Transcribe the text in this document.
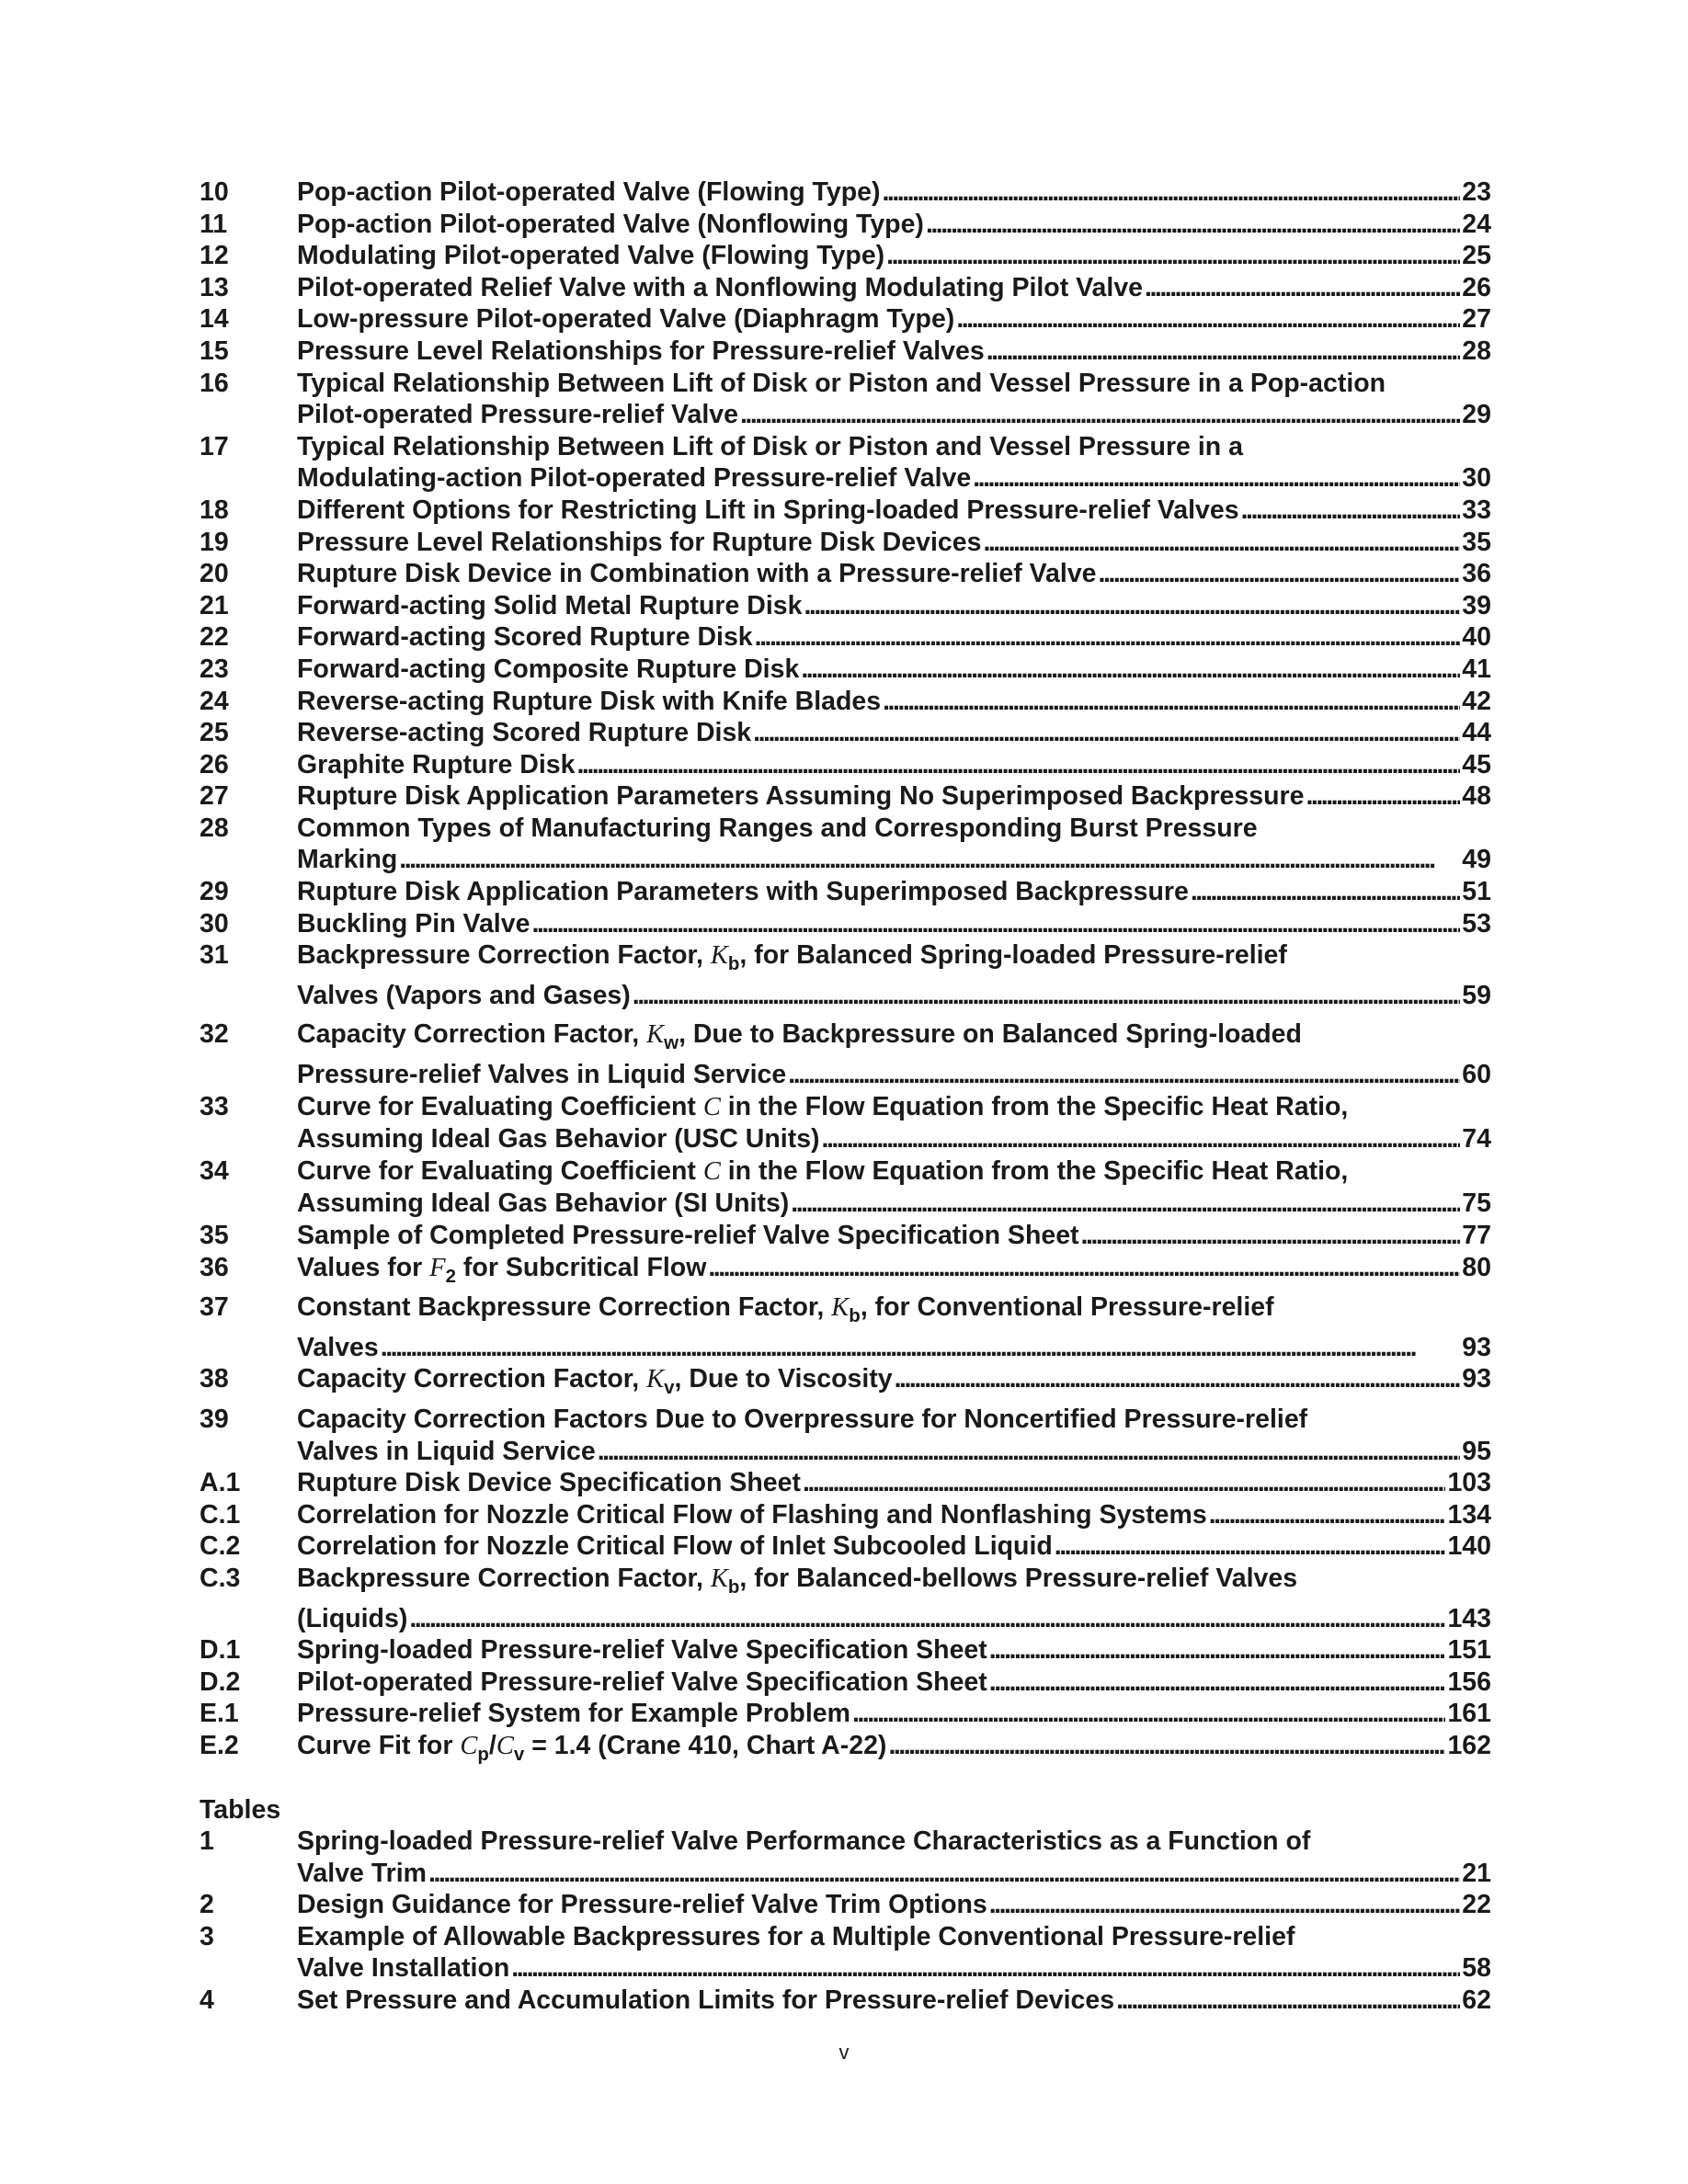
10	Pop-action Pilot-operated Valve (Flowing Type) . . .	23
11	Pop-action Pilot-operated Valve (Nonflowing Type) . . .	24
12	Modulating Pilot-operated Valve (Flowing Type) . . .	25
13	Pilot-operated Relief Valve with a Nonflowing Modulating Pilot Valve . . .	26
14	Low-pressure Pilot-operated Valve (Diaphragm Type) . . .	27
15	Pressure Level Relationships for Pressure-relief Valves . . .	28
16	Typical Relationship Between Lift of Disk or Piston and Vessel Pressure in a Pop-action
Pilot-operated Pressure-relief Valve . . .	29
17	Typical Relationship Between Lift of Disk or Piston and Vessel Pressure in a
Modulating-action Pilot-operated Pressure-relief Valve . . .	30
18	Different Options for Restricting Lift in Spring-loaded Pressure-relief Valves . . .	33
19	Pressure Level Relationships for Rupture Disk Devices . . .	35
20	Rupture Disk Device in Combination with a Pressure-relief Valve . . .	36
21	Forward-acting Solid Metal Rupture Disk . . .	39
22	Forward-acting Scored Rupture Disk . . .	40
23	Forward-acting Composite Rupture Disk . . .	41
24	Reverse-acting Rupture Disk with Knife Blades . . .	42
25	Reverse-acting Scored Rupture Disk . . .	44
26	Graphite Rupture Disk . . .	45
27	Rupture Disk Application Parameters Assuming No Superimposed Backpressure . . .	48
28	Common Types of Manufacturing Ranges and Corresponding Burst Pressure
Marking . . .	49
29	Rupture Disk Application Parameters with Superimposed Backpressure . . .	51
30	Buckling Pin Valve . . .	53
31	Backpressure Correction Factor, $K_b$, for Balanced Spring-loaded Pressure-relief
Valves (Vapors and Gases) . . .	59
32	Capacity Correction Factor, $K_w$, Due to Backpressure on Balanced Spring-loaded
Pressure-relief Valves in Liquid Service . . .	60
33	Curve for Evaluating Coefficient C in the Flow Equation from the Specific Heat Ratio,
Assuming Ideal Gas Behavior (USC Units) . . .	74
34	Curve for Evaluating Coefficient C in the Flow Equation from the Specific Heat Ratio,
Assuming Ideal Gas Behavior (SI Units) . . .	75
35	Sample of Completed Pressure-relief Valve Specification Sheet . . .	77
36	Values for $F_2$ for Subcritical Flow . . .	80
37	Constant Backpressure Correction Factor, $K_b$, for Conventional Pressure-relief
Valves . . .	93
38	Capacity Correction Factor, $K_v$, Due to Viscosity . . .	93
39	Capacity Correction Factors Due to Overpressure for Noncertified Pressure-relief
Valves in Liquid Service . . .	95
A.1	Rupture Disk Device Specification Sheet . . .	103
C.1	Correlation for Nozzle Critical Flow of Flashing and Nonflashing Systems . . .	134
C.2	Correlation for Nozzle Critical Flow of Inlet Subcooled Liquid . . .	140
C.3	Backpressure Correction Factor, $K_b$, for Balanced-bellows Pressure-relief Valves
(Liquids) . . .	143
D.1	Spring-loaded Pressure-relief Valve Specification Sheet . . .	151
D.2	Pilot-operated Pressure-relief Valve Specification Sheet . . .	156
E.1	Pressure-relief System for Example Problem . . .	161
E.2	Curve Fit for $C_p/C_v = 1.4$ (Crane 410, Chart A-22) . . .	162
Tables
1	Spring-loaded Pressure-relief Valve Performance Characteristics as a Function of
Valve Trim . . .	21
2	Design Guidance for Pressure-relief Valve Trim Options . . .	22
3	Example of Allowable Backpressures for a Multiple Conventional Pressure-relief
Valve Installation . . .	58
4	Set Pressure and Accumulation Limits for Pressure-relief Devices . . .	62
v
